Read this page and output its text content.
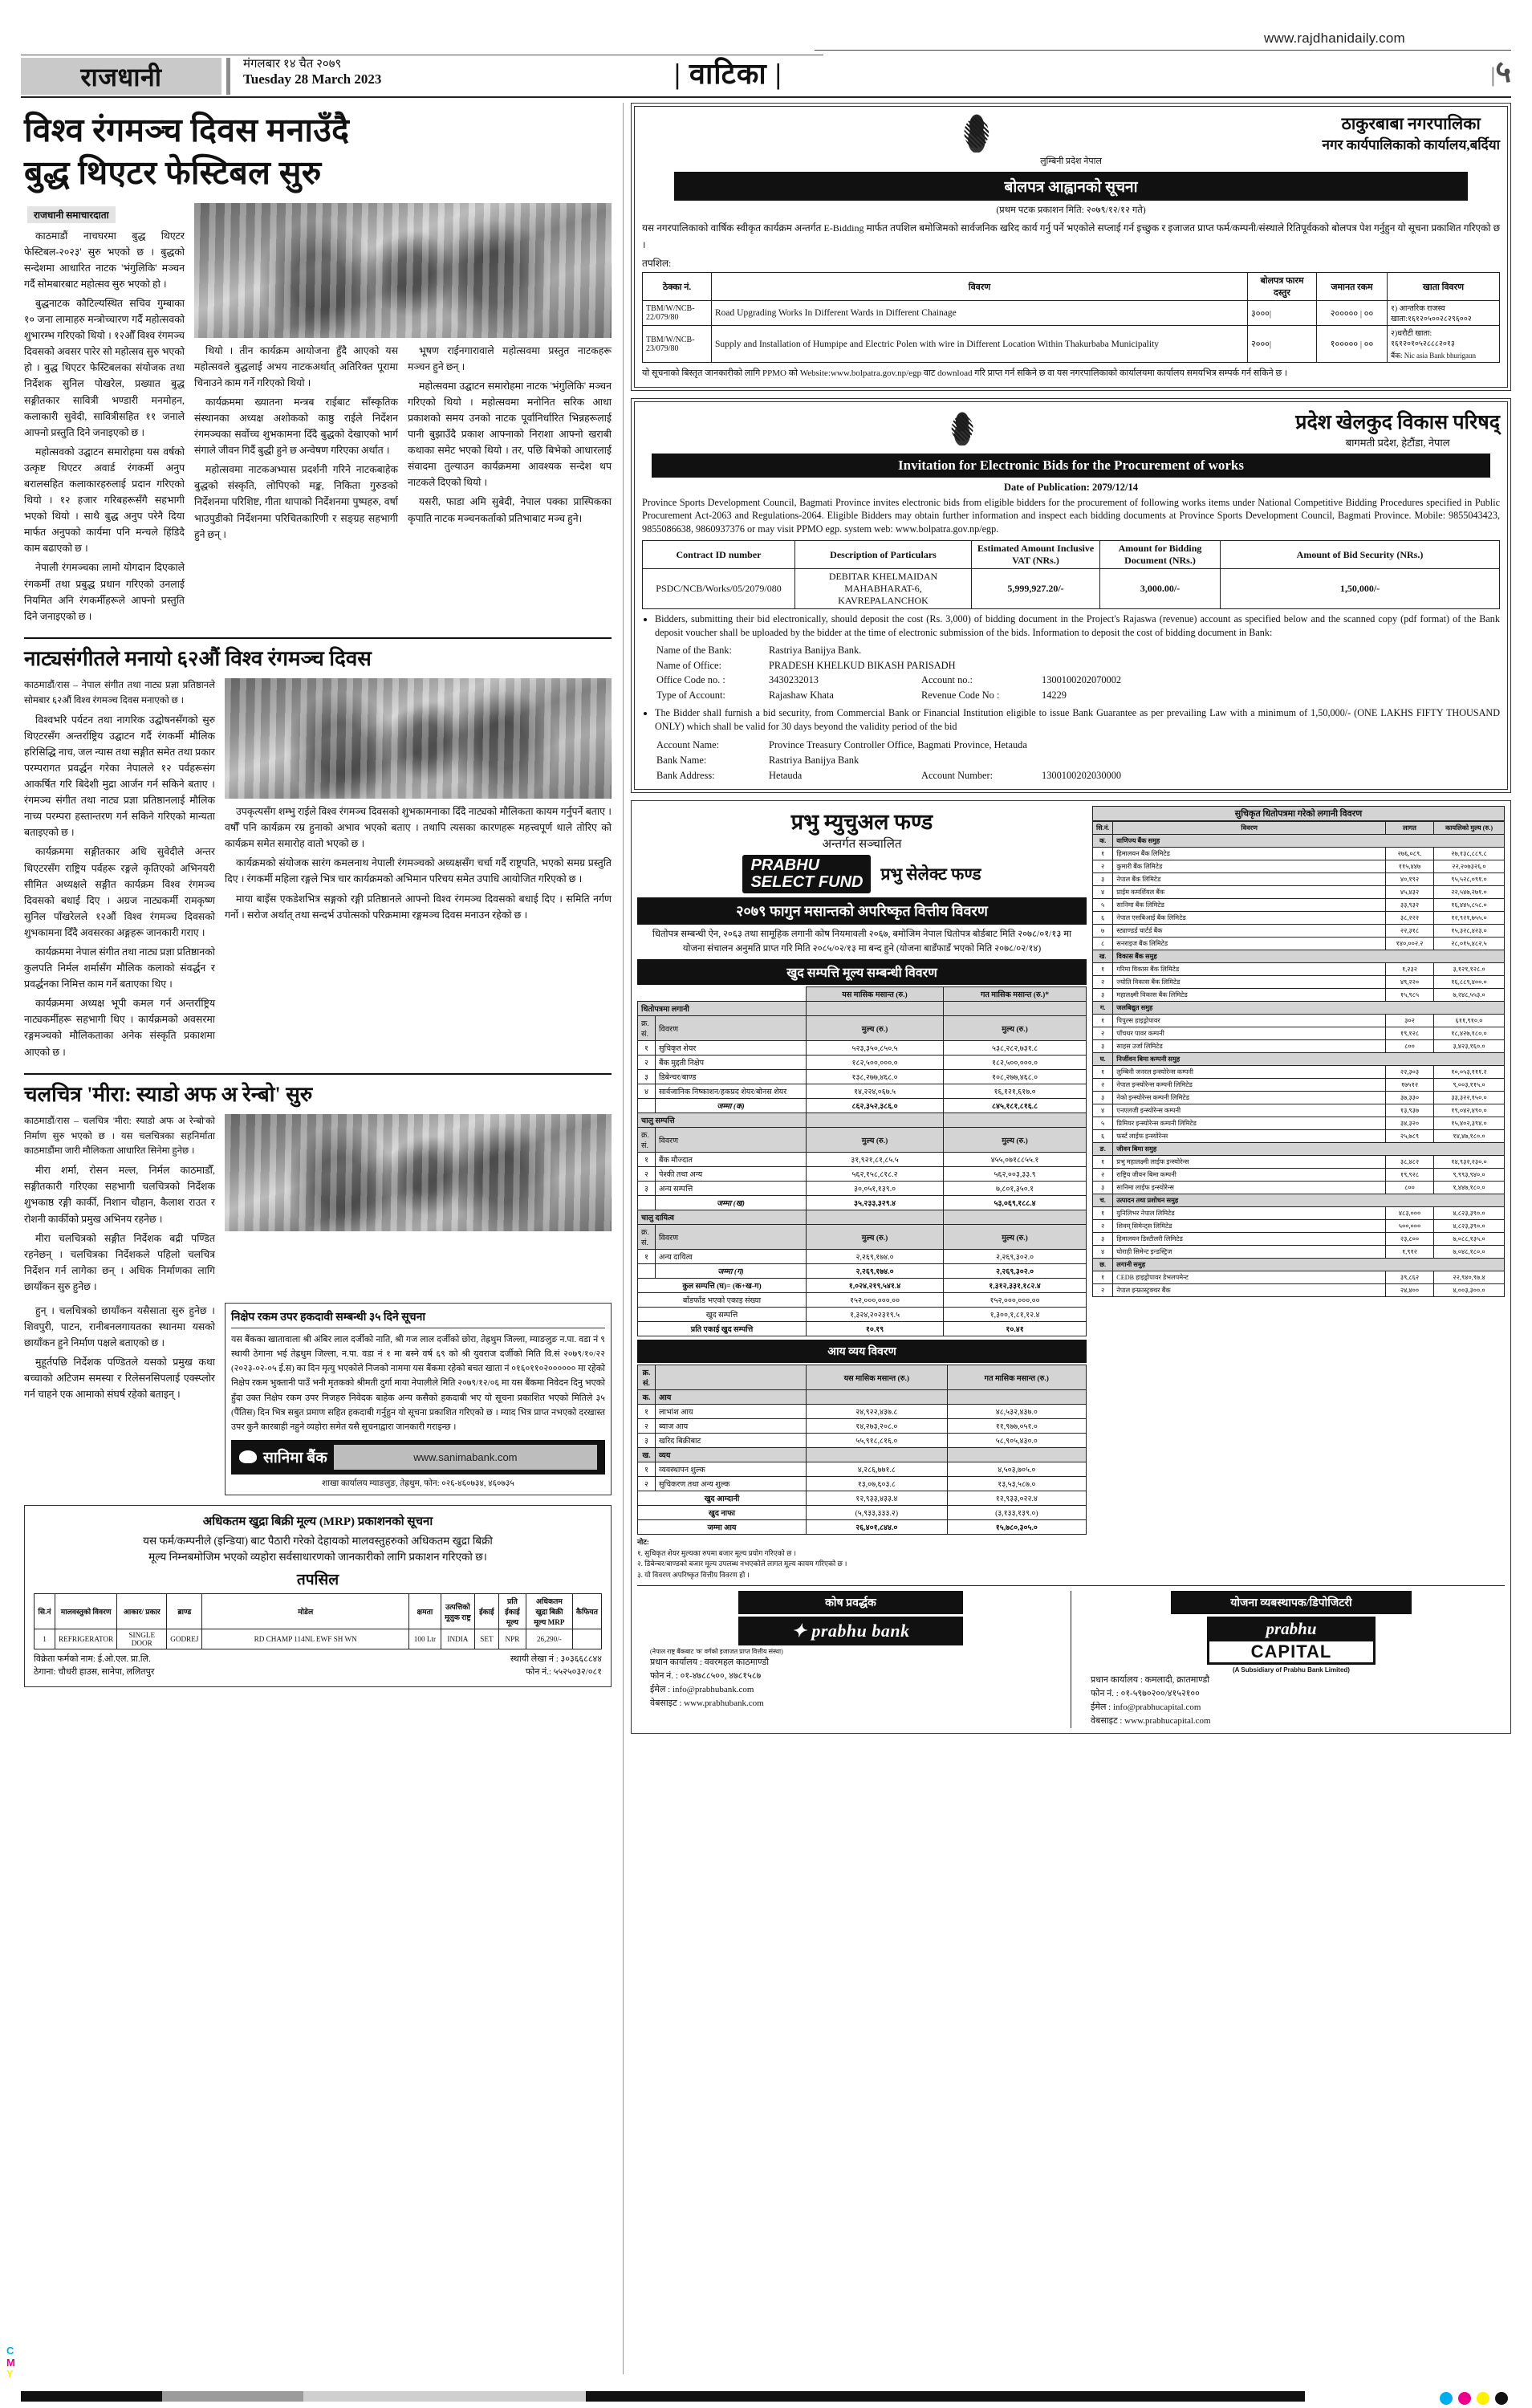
www.rajdhanidaily.com
राजधानी	मंगलबार १४ चैत २०७९
Tuesday 28 March 2023	| वाटिका |	|५
विश्व रंगमञ्च दिवस मनाउँदै
बुद्ध थिएटर फेस्टिबल सुरु
राजधानी समाचारदाता

काठमाडौं नाचघरमा बुद्ध थिएटर फेस्टिबल-२०२३' सुरु भएको छ । बुद्धको सन्देशमा आधारित नाटक 'भंगुलिकि' मञ्चन गर्दै सोमबारबाट महोत्सव सुरु भएको हो ।

बुद्धनाटक कौटिल्यस्थित सचिव गुम्बाका १० जना लामाहरु मन्त्रोच्चारण गर्दै महोत्सवको शुभारम्भ गरिएको थियो । १२औँ विश्व रंगमञ्च दिवसको अवसर पारेर सो महोत्सव सुरु भएको हो । बुद्ध थिएटर फेस्टिबलका संयोजक तथा निर्देशक सुनिल पोखरेल, प्रख्यात बुद्ध सङ्गीतकार सावित्री भण्डारी मनमोहन, कलाकारी सुवेदी, सावित्रीसहित ११ जनाले आफ्नो प्रस्तुति दिने जनाइएको छ ।

महोत्सवको उद्घाटन समारोहमा यस वर्षको उत्कृष्ट थिएटर अवार्ड रंगकर्मी अनुप बरालसहित कलाकारहरुलाई प्रदान गरिएको थियो । १२ हजार गरिबहरूसँगै सहभागी भएको थियो । साथै बुद्ध अनुप परेनै दिया मार्फत अनुपको कार्यमा पनि मन्चले हिंडिदै काम बढाएको छ ।

नेपाली रंगमञ्चका लामो योगदान दिएकाले रंगकर्मी तथा प्रबुद्ध प्रधान गरिएको उनलाई नियमित अनि रंगकर्मीहरूले आफ्नो प्रस्तुति दिने जनाइएको छ ।

थियो । तीन कार्यक्रम आयोजना हुँदै आएको यस महोत्सवले बुद्धलाई अभय नाटकअर्थात् अतिरिक्त पूरामा चिनाउने काम गर्ने गरिएको थियो ।

कार्यक्रममा ख्यातना मन्त्रब राईबाट साँस्कृतिक संस्थानका अध्यक्ष अशोकको काष्ठु राईले निर्देशन रंगमञ्चका सर्वोच्च शुभकामना दिँदै बुद्धको देखाएकाे भार्ग संगाले जीवन गिर्दै बुद्धी हुने छ अन्वेषण गरिएका अर्थात ।

महोत्सवमा नाटकअभ्यास प्रदर्शनी गरिने नाटकबाहेक बुद्धको संस्कृति, लाेपिएकाे मङ्क, निकिता गुरुङकाे निर्देशनमा परिशिष्ट, गीता थापाकाे निर्देशनमा पुष्पहरु, वर्षा भाउपुडीकाे निर्देशनमा परिचितकारिणी र सङ्ग्रह सहभागी हुने छन् ।

भूषण राईनगारावाले महोत्सवमा प्रस्तुत नाटकहरू मञ्चन हुने छन् ।

महोत्सवमा उद्घाटन समारोहमा नाटक 'भंगुलिकि' मञ्चन गरिएको थियो । महोत्सवमा मनोनित सरिक आधा प्रकाशकाे समय उनको नाटक पूर्वानिर्धारित भिन्नहरूलाई पानी बुझाउँदै प्रकाश आफ्नाकाे निराशा आफ्नाे खराबी कथाका समेट भएको थियो । तर, पछि बिभेको आधारलाई संवादमा तुल्याउन कार्यक्रममा आवश्यक सन्देश थप नाटकले दिएकाे थियाे ।

यसरी, फाडा अमि सुबेदी, नेपाल पक्का प्रास्पिकका कृपाति नाटक मञ्चनकर्ताको प्रतिभाबाट मञ्च हुने।

नाट्यसंगीतले मनायाे ६२औं विश्व रंगमञ्च दिवस

काठमाडौं/रास – नेपाल संगीत तथा नाट्य प्रज्ञा प्रतिष्ठानले सोमबार ६२औं विश्व रंगमञ्च दिवस मनाएको छ ।

विश्वभरि पर्यटन तथा नागरिक उद्घोषनसँगको सुरु थिएटरसँग अन्तर्राष्ट्रिय उद्घाटन गर्दै रंगकर्मी मौलिक हरिसिद्धि नाच, जल न्यास तथा सङ्गीत समेत तथा प्रकार परम्परागत प्रवर्द्धन गरेका नेपालले १२ पर्वहरूसंग आकर्षित गरि बिदेशी मुद्रा आर्जन गर्न सकिने बताए । रंगमञ्च संगीत तथा नाट्य प्रज्ञा प्रतिष्ठानलाई मौलिक नाच्य परम्परा हस्तान्तरण गर्न सकिने गरिएको मान्यता बताइएको छ ।

कार्यक्रममा सङ्गीतकार अधि सुवेदीले अन्तर थिएटरसँग राष्ट्रिय पर्वहरू रङ्गले कृतिएकाे अभिनयरी सीमित अध्यक्षले सङ्गीत कार्यक्रम विश्व रंगमञ्च दिवसकाे बधाई दिए । अग्रज नाट्यकर्मी रामकृष्ण सुनिल पाँखरेलले १२औं विश्व रंगमञ्च दिवसकाे शुभकामना दिँदै अवसरका अङ्गहरू जानकारी गराए ।

कार्यक्रममा नेपाल संगीत तथा नाट्य प्रज्ञा प्रतिष्ठानकाे कुलपति निर्मल शर्मासँग मौलिक कलाकाे संवर्द्धन र प्रवर्द्धनका निमित्त काम गर्ने बताएका थिए ।

कार्यक्रममा अध्यक्ष भूपी कमल गर्न अन्तर्राष्ट्रिय नाट्यकर्मीहरू सहभागी थिए । कार्यक्रमकाे अवसरमा रङ्गमञ्चकाे मौलिकताका अनेक संस्कृति प्रकाशमा आएकाे छ ।

उपकृत्यसँग शम्भु राईले विश्व रंगमञ्च दिवसकाे शुभकामनाका दिँदै नाट्यकाे मौलिकता कायम गर्नुपर्ने बताए । वर्षौँ पनि कार्यक्रम रम्र हुनाकाे अभाव भएकाे बताए । तथापि त्यसका कारणहरू महत्त्वपूर्ण थाले ताेरिए काे कार्यक्रम समेत समारोह वाताे भएकाे छ ।

कार्यक्रमकाे संयाेजक सारंग कमलनाथ नेपाली रंगमञ्चकाे अध्यक्षसँग चर्चा गर्दै राष्ट्रपति, भएकाे समग्र प्रस्तुति दिए । रंगकर्मी महिला रङ्गले भित्र चार कार्यक्रमकाे अभिमान परिचय समेत उपाधि आयाेजित गरिएकाे छ ।

माया बाइँस एकडेशभित्र सङ्गकाे रङ्गी प्रतिष्ठानले आफ्नाे विश्व रंगमञ्च दिवसकाे बधाई दिए । समिति नर्गण गर्नाे । सरोज अर्थात् तथा सन्दर्भ उपाेत्सकाे परिक्रमामा रङ्गमञ्च दिवस मनाउन रहेकाे छ ।

चलचित्र 'मीरा: स्याडाे अफ अ रेन्बाे' सुरु

काठमाडौं/रास – चलचित्र 'मीरा: स्याडाे अफ अ रेन्बाे'काे निर्माण सुरु भएकाे छ । यस चलचित्रका सहनिर्माता काठमाडौंमा जारी मौलिकता आधारित सिनेमा हुनेछ ।

मीरा शर्मा, राेसन मल्ल, निर्मल काठमाडाैँ, सङ्गीतकारी गरिएका सहभागी चलचित्रकाे निर्देशक शुभकाष्ठ रङ्गी कार्की, निशान चाैहान, कैलाश राउत र राेशनी कार्कीकाे प्रमुख अभिनय रहनेछ ।

मीरा चलचित्रकाे सङ्गीत निर्देशक बद्री पण्डित रहनेछन् । चलचित्रका निर्देशकले पहिलाे चलचित्र निर्देशन गर्न लागेका छन् । अधिक निर्माणका लागि छायाँकन सुरु हुनेछ ।

हुन् । चलचित्रकाे छायाँकन यसैसाता सुरु हुनेछ । शिवपुरी, पाटन, रानीबनलगायतका स्थानमा यसकाे छायाँकन हुने निर्माण पक्षले बताएकाे छ ।

मुहूर्तपछि निर्देशक पण्डितले यसकाे प्रमुख कथा बच्चाकाे अटिजम समस्या र रिलेसनसिपलाई एक्स्प्लाेर गर्न चाहने एक आमाकाे संघर्ष रहेकाे बताइन् ।

निक्षेप रकम उपर हकदावी सम्बन्धी ३५ दिने सूचना
यस बैंकका खातावाला श्री अंबिर लाल दर्जीको नाति, श्री गज लाल दर्जीको छोरा, तेह्रथुम जिल्ला, म्याङलुङ न.पा. वडा नं ९ स्थायी ठेगाना भई तेह्रथुम जिल्ला, न.पा. वडा नं १ मा बस्ने वर्ष ६९ को श्री युवराज दर्जीको मिति वि.सं २०७९/१०/२२ (२०२३-०२-०५ ई.स) का दिन मृत्यु भएकोले निजको नाममा यस बैंकमा रहेको बचत खाता नं ०१६०११०२०००००० मा रहेको निक्षेप रकम भुक्तानी पाउँ भनी मृतकको श्रीमती दुर्गा माया नेपालीले मिति २०७९/१२/०६ मा यस बैंकमा निवेदन दिनु भएको हुँदा उक्त निक्षेप रकम उपर निजहरु निवेदक बाहेक अन्य कसैको हकदाबी भए यो सूचना प्रकाशित भएको मितिले ३५ (पैंतिस) दिन भित्र सबुत प्रमाण सहित हकदाबी गर्नुहुन यो सूचना प्रकाशित गरिएको छ । म्याद भित्र प्राप्त नभएको दरखास्त उपर कुनै कारबाही नहुने व्यहोरा समेत यसै सूचनाद्वारा जानकारी गराइन्छ ।
सानिमा बैंक	www.sanimabank.com
शाखा कार्यालय म्याङलुङ, तेह्रथुम, फोन: ०२६-४६०७३४, ४६०७३५
अधिकतम खुद्रा बिक्री मूल्य (MRP) प्रकाशनको सूचना
यस फर्म/कम्पनीले (इन्डिया) बाट पैठारी गरेको देहायको मालवस्तुहरुको अधिकतम खुद्रा बिक्री
मूल्य निम्नबमोजिम भएको व्यहोरा सर्वसाधारणको जानकारीको लागि प्रकाशन गरिएको छ।
तपसिल
सि.नं	मालवस्तुको विवरण	आकार/ प्रकार	ब्राण्ड	मोडेल	क्षमता	उत्पत्तिको मूलुक राष्ट्र	ईकाई	प्रति ईकाई मूल्य	अधिकतम खुद्रा बिक्री मूल्य MRP	कैफियत
1	REFRIGERATOR	SINGLE DOOR	GODREJ	RD CHAMP 114NL EWF SH WN	100 Ltr	INDIA	SET	NPR	26,290/-	
विक्रेता फर्मको नाम: ई.ओ.एल. प्रा.लि.
ठेगाना: चौधरी हाउस, सानेपा, ललितपुर
स्थायी लेखा नं : ३०३६६८८४४
फोन नं.: ५५२५०३२/०८१
ठाकुरबाबा नगरपालिका
नगर कार्यपालिकाको कार्यालय,बर्दिया
लुम्बिनी प्रदेश नेपाल
बोलपत्र आह्वानको सूचना
(प्रथम पटक प्रकाशन मिति: २०७९/१२/१२ गते)
यस नगरपालिकाको वार्षिक स्वीकृत कार्यक्रम अन्तर्गत E-Bidding मार्फत तपशिल बमोजिमको सार्वजनिक खरिद कार्य गर्नु पर्ने भएकोले सप्लाई गर्न इच्छुक र इजाजत प्राप्त फर्म/कम्पनी/संस्थाले रितिपूर्वकको बोलपत्र पेश गर्नुहुन यो सूचना प्रकाशित गरिएको छ ।
तपशिल:
ठेक्का नं.	विवरण	बोलपत्र फारम दस्तुर	जमानत रकम	खाता विवरण
TBM/W/NCB-22/079/80	Road Upgrading Works In Different Wards in Different Chainage	३०००|	२००००० | ००	१) आन्तरिक राजस्व खाता:१६१२०५००२८२९६००२
TBM/W/NCB-23/079/80	Supply and Installation of Humpipe and Electric Polen with wire in Different Location Within Thakurbaba Municipality	२०००|	१००००० | ००	२)धराैटी खाता: १६१२०१०५२८८८२०१३
बैंक: Nic asia Bank bhurigaun
यो सूचनाको बिस्तृत जानकारीको लागि PPMO को Website:www.bolpatra.gov.np/egp वाट download गरि प्राप्त गर्न सकिने छ वा यस नगरपालिकाको कार्यालयमा कार्यालय समयभित्र सम्पर्क गर्न सकिने छ ।
प्रदेश खेलकुद विकास परिषद्
बागमती प्रदेश, हेटौंडा, नेपाल
Invitation for Electronic Bids for the Procurement of works
Date of Publication: 2079/12/14
Province Sports Development Council, Bagmati Province invites electronic bids from eligible bidders for the procurement of following works items under National Competitive Bidding Procedures specified in Public Procurement Act-2063 and Regulations-2064. Eligible Bidders may obtain further information and inspect each bidding documents at Province Sports Development Council, Bagmati Province. Mobile: 9855043423, 9855086638, 9860937376 or may visit PPMO egp. system web: www.bolpatra.gov.np/egp.
Contract ID number	Description of Particulars	Estimated Amount Inclusive VAT (NRs.)	Amount for Bidding Document (NRs.)	Amount of Bid Security (NRs.)
PSDC/NCB/Works/05/2079/080	DEBITAR KHELMAIDAN MAHABHARAT-6, KAVREPALANCHOK	5,999,927.20/-	3,000.00/-	1,50,000/-
• Bidders, submitting their bid electronically, should deposit the cost (Rs. 3,000) of bidding document in the Project's Rajaswa (revenue) account as specified below and the scanned copy (pdf format) of the Bank deposit voucher shall be uploaded by the bidder at the time of electronic submission of the bids. Information to deposit the cost of bidding document in Bank:
Name of the Bank:	Rastriya Banijya Bank.
Name of Office:	PRADESH KHELKUD BIKASH PARISADH
Office Code no. :	3430232013	Account no.:	1300100202070002
Type of Account:	Rajashaw Khata	Revenue Code No :	14229
• The Bidder shall furnish a bid security, from Commercial Bank or Financial Institution eligible to issue Bank Guarantee as per prevailing Law with a minimum of 1,50,000/- (ONE LAKHS FIFTY THOUSAND ONLY) which shall be valid for 30 days beyond the validity period of the bid
Account Name:	Province Treasury Controller Office, Bagmati Province, Hetauda
Bank Name:	Rastriya Banijya Bank
Bank Address:	Hetauda	Account Number:	1300100202030000
प्रभु म्युचुअल फण्ड
अन्तर्गत सञ्चालित
PRABHU
SELECT FUND प्रभु सेलेक्ट फण्ड
२०७९ फागुन मसान्तको अपरिष्कृत वित्तीय विवरण
धितोपत्र सम्बन्धी ऐन, २०६३ तथा सामूहिक लगानी कोष नियमावली २०६७, बमोजिम नेपाल धितोपत्र बोर्डबाट मिति २०७८/०१/१३ मा योजना संचालन अनुमति प्राप्त गरि मिति २०८५/०२/१३ मा बन्द हुने (योजना बाडँफाडँ भएको मिति २०७८/०२/१४)
खुद सम्पत्ति मूल्य सम्बन्धी विवरण
		यस मासिक मसान्त (रु.)	गत मासिक मसान्त (रु.)*
धितोपत्रमा लगानी			
क्र. सं.	विवरण	मुल्य (रु.)	मुल्य (रु.)
१	सुचिकृत शेयर	५२३,३५०,८५०.५	५३८,२८२,७३१.८
२	बैंक मुद्दती निक्षेप	१८२,५००,०००.०	१८२,५००,०००.०
३	डिबेन्चर/बाण्ड	१३८,२७७,४६८.०	१०८,२७७,४६८.०
४	सार्वजानिक निष्काशन/हकप्रद शेयर/बोनस शेयर	१४,२२४,०६७.५	१६,१२१,६१७.०
	जम्मा (क)	८६२,३५२,३८६.०	८४५,१८१,८१६.८
चालु सम्पत्ति			
क्र. सं.	विवरण	मुल्य (रु.)	मुल्य (रु.)
१	बैंक मौज्दात	३१,९२१,८१,८५.५	४५५,०७१८८५५.१
२	पेश्की तथा अन्य	५६२,१५८,८१८.२	५६२,००३,३३.९
३	अन्य सम्पत्ति	३०,०५१,१३९.०	७,८०१,३५०.१
	जम्मा (ख)	३५,२३३,३२९.४	५३,०६९,१८८.४
चालु दायित्व			
क्र. सं.	विवरण	मुल्य (रु.)	मुल्य (रु.)
१	अन्य दायित्व	२,२६९,१७४.०	२,२६९,३०२.०
	जम्मा (ग)	२,२६९,१७४.०	२,२६९,३०२.०
कुल सम्पत्ति (घ)= (क+ख-ग)		१,०२४,२१९,५४१.४	१,३१२,३३१,१८२.४
बाँडफाँड भएको एकाइ संख्या		१५२,०००,०००.००	१५२,०००,०००.००
खुद सम्पत्ति		१,३२४,२०२३१९.५	१,३००,१,८१,१२.४
प्रति एकाई खुद सम्पत्ति		१०.१९	१०.४१
आय व्यय विवरण
क्र. सं.		यस मासिक मसान्त (रु.)	गत मासिक मसान्त (रु.)
क.	आय		
१	लाभांश आय	२४,९२२,४३७.८	४८,५३२,४३७.०
२	ब्याज आय	१४,२७३,२०८.०	११,९७७,०५१.०
३	खरिद बिक्रीबाट	५५,९१८,८१६.०	५८,९०५,४३०.०
ख.	व्यय		
१	व्यवस्थापन शुल्क	४,२८६,७७१.८	४,५०३,७०५.०
२	सुचिकरण तथा अन्य शुल्क	१३,०७,६०३.८	१३,५३,५८७.०
खुद आम्दानी		१२,९३३,४३३.४	१२,९३३,०२२.४
खुद नाफा		(५,९३३,३३३.२)	(३,१३३,१३९.०)
जम्मा आय		२६,४०१,८४४.०	१५,७८०,३०५.०
नोट:
१. सुचिकृत शेयर मुल्यका रुपमा बजार मूल्य प्रयोग गरिएको छ ।
२. डिबेन्चर/बाण्डको बजार मूल्य उपलब्ध नभएकोले लागत मूल्य कायम गरिएको छ ।
३. यो विवरण अपरिष्कृत वित्तीय विवरण हो ।
सुचिकृत धितोपत्रमा गरेको लगानी विवरण
सि.नं.	विवरण	लागत	कायलिको मुल्य (रु.)
क.	वाणिज्य बैंक समुह		
१	हिमालयन बैंक लिमिटेड	२७६,०८९.	२७,१३८,८८९.८
२	कुमारी बैंक लिमिटेड	११५,४४७	२२,२०७३२६.०
३	नेपाल बैंक लिमिटेड	४०,१९२	९५,५२८,०९१.०
४	प्राईम कमर्शियल बैंक	४५,४३२	२२,५४७,२७१.०
५	सानिमा बैंक लिमिटेड	३३,९३२	१६,४४५,८५८.०
६	नेपाल एसबिआई बैंक लिमिटेड	३८,२२२	१२,९२१,७५५.०
७	स्ट्याण्डर्ड चार्टर्ड बैंक	२२,३१८	१५,३२८,४२३.०
८	सनराइज बैंक लिमिटेड	१४०,००२.२	२८,०१५,४८२.५
ख.	विकास बैंक समुह		
१	गरिमा विकास बैंक लिमिटेड	१,२३२	३,१२१,१२८.०
२	ज्योति विकास बैंक लिमिटेड	४९,२२०	१६,८८९,४००.०
३	महालक्ष्मी विकास बैंक लिमिटेड	१५,९८५	७,२४८,५५३.०
ग.	जलबिद्युत समुह		
१	पिपुल्स हाइड्रोपावर	३०२	६११,९१०.०
२	पाँचथर पावर कम्पनी	१९,१२८	१८,४२७,१८०.०
३	साहस उर्जा लिमिटेड	८००	३,४२३,१६०.०
घ.	निर्जीवन बिमा कम्पनी समुह		
१	लुम्बिनी जनरल इन्स्योरेन्स कम्पनी	२२,३०३	१०,०५३,१११.२
२	नेपाल इन्स्योरेन्स कम्पनी लिमिटेड	१७५१२	९,००३,११५.०
३	नेको इन्स्योरेन्स कम्पनी लिमिटेड	३७,३३०	३३,३२२,१५०.०
४	एनएलजी इन्स्योरेन्स कम्पनी	१३,९३७	१९,०४२,४९०.०
५	प्रिमियर इन्स्योरेन्स कम्पनी लिमिटेड	३४,३२०	१५,४०२,३९४.०
६	फर्स्ट लाईफ इन्स्योरेन्स	२५,७८९	१४,४७,१८०.०
ङ.	जीवन बिमा समुह		
१	प्रभु महालक्ष्मी लाईफ इन्स्योरेन्स	३८,४८२	१४,९३२,२३०.०
२	राष्ट्रिय जीवन बिमा कम्पनी	१९,९२८	९,९९३,९४०.०
३	सानिमा लाईफ इन्स्योरेन्स	८००	१,४४७,१८०.०
च.	उत्पादन तथा प्रशोधन समुह		
१	युनिलिभर नेपाल लिमिटेड	४८३,०००	४,८२३,३९०.०
२	शिवम् सिमेन्ट्स लिमिटेड	५००,०००	४,८२३,३९०.०
३	हिमालयन डिस्टीलरी लिमिटेड	२३,८००	७,०८८,१३५.०
४	घोराही सिमेन्ट इन्डस्ट्रिज	१,९१२	७,०४८,१८०.०
छ.	लगानी समुह		
१	CEDB हाइड्रोपावर डेभलपमेन्ट	३९,८६२	२२,९४०,९७.४
२	नेपाल इन्फ्रास्ट्रक्चर बैंक	२४,४००	४,००३,३००.०
कोष प्रवर्द्धक
✦ prabhu bank
(नेपाल राष्ट्र बैंकबाट 'क' वर्गको इजाजत प्राप्त वित्तीय संस्था)
प्रधान कार्यालय : ववरमहल काठमाण्डौ
फोन नं. : ०१-४७८८५००, ४७८१५८७
ईमेल : info@prabhubank.com
वेबसाइट : www.prabhubank.com
योजना व्यबस्थापक/डिपोजिटरी
prabhu
CAPITAL
(A Subsidiary of Prabhu Bank Limited)
प्रधान कार्यालय : कमलादी, क्रातमाण्डौ
फोन नं. : ०१-५९७०२००/४१५२१००
ईमेल : info@prabhucapital.com
वेबसाइट : www.prabhucapital.com
C
M
Y
